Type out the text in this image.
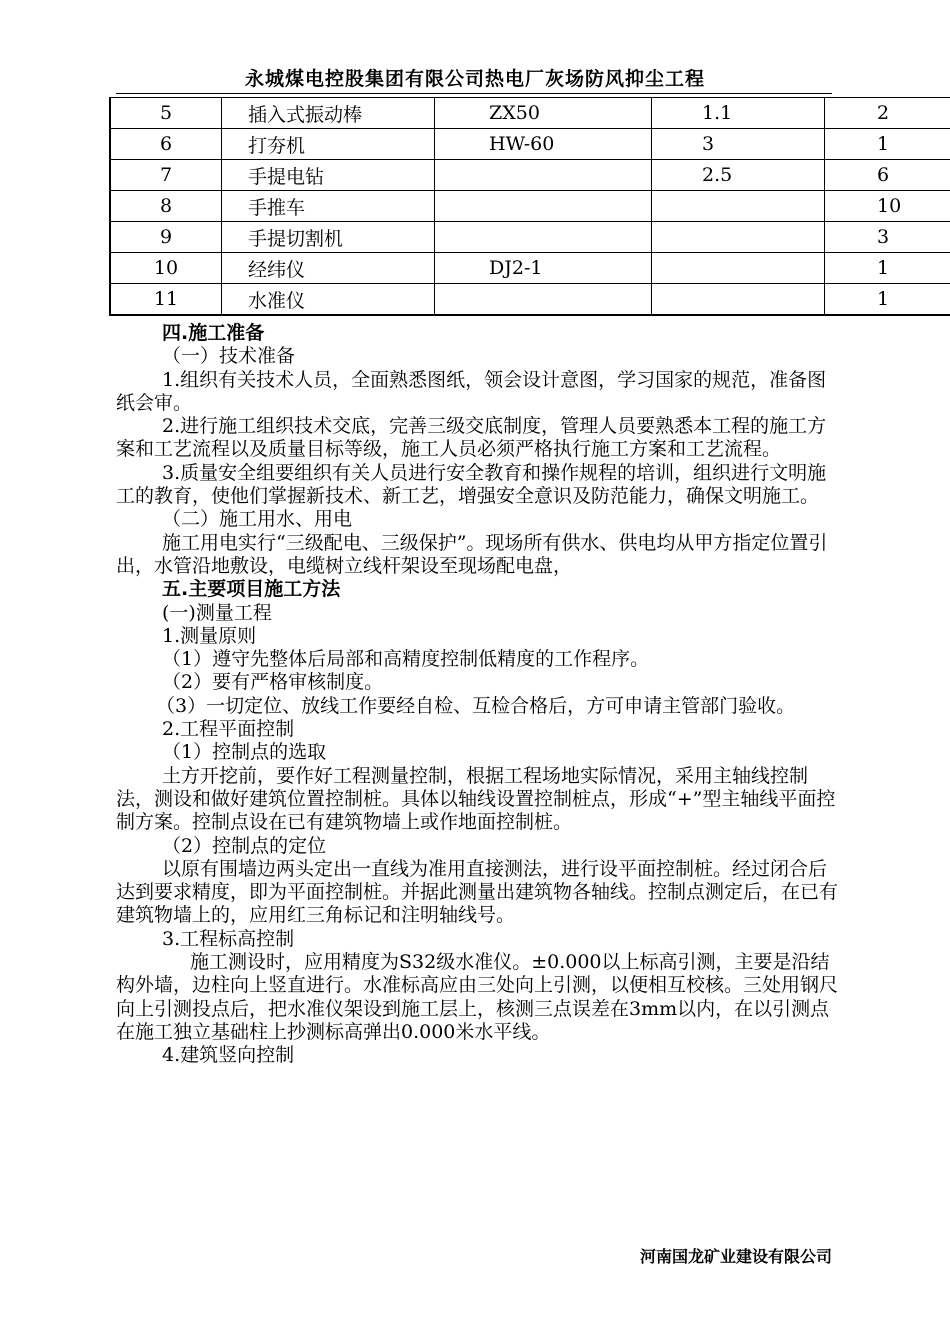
永城煤电控股集团有限公司热电厂灰场防风抑尘工程
5	插入式振动棒	ZX50	1.1	2
6	打夯机	HW-60	3	1
7	手提电钻		2.5	6
8	手推车			10
9	手提切割机			3
10	经纬仪	DJ2-1		1
11	水准仪			1

四.施工准备

（一）技术准备

1.组织有关技术人员，全面熟悉图纸，领会设计意图，学习国家的规范，准备图纸会审。

2.进行施工组织技术交底，完善三级交底制度，管理人员要熟悉本工程的施工方案和工艺流程以及质量目标等级，施工人员必须严格执行施工方案和工艺流程。

3.质量安全组要组织有关人员进行安全教育和操作规程的培训，组织进行文明施工的教育，使他们掌握新技术、新工艺，增强安全意识及防范能力，确保文明施工。

（二）施工用水、用电

施工用电实行“三级配电、三级保护”。现场所有供水、供电均从甲方指定位置引出，水管沿地敷设，电缆树立线杆架设至现场配电盘，

五.主要项目施工方法

(一)测量工程

1.测量原则

（1）遵守先整体后局部和高精度控制低精度的工作程序。

（2）要有严格审核制度。

（3）一切定位、放线工作要经自检、互检合格后，方可申请主管部门验收。

2.工程平面控制

（1）控制点的选取

土方开挖前，要作好工程测量控制，根据工程场地实际情况，采用主轴线控制法，测设和做好建筑位置控制桩。具体以轴线设置控制桩点，形成“+”型主轴线平面控制方案。控制点设在已有建筑物墙上或作地面控制桩。

（2）控制点的定位

以原有围墙边两头定出一直线为准用直接测法，进行设平面控制桩。经过闭合后达到要求精度，即为平面控制桩。并据此测量出建筑物各轴线。控制点测定后，在已有建筑物墙上的，应用红三角标记和注明轴线号。

3.工程标高控制

施工测设时，应用精度为S32级水准仪。±0.000以上标高引测，主要是沿结构外墙，边柱向上竖直进行。水准标高应由三处向上引测，以便相互校核。三处用钢尺向上引测投点后，把水准仪架设到施工层上，核测三点误差在3mm以内，在以引测点在施工独立基础柱上抄测标高弹出0.000米水平线。

4.建筑竖向控制

河南国龙矿业建设有限公司
